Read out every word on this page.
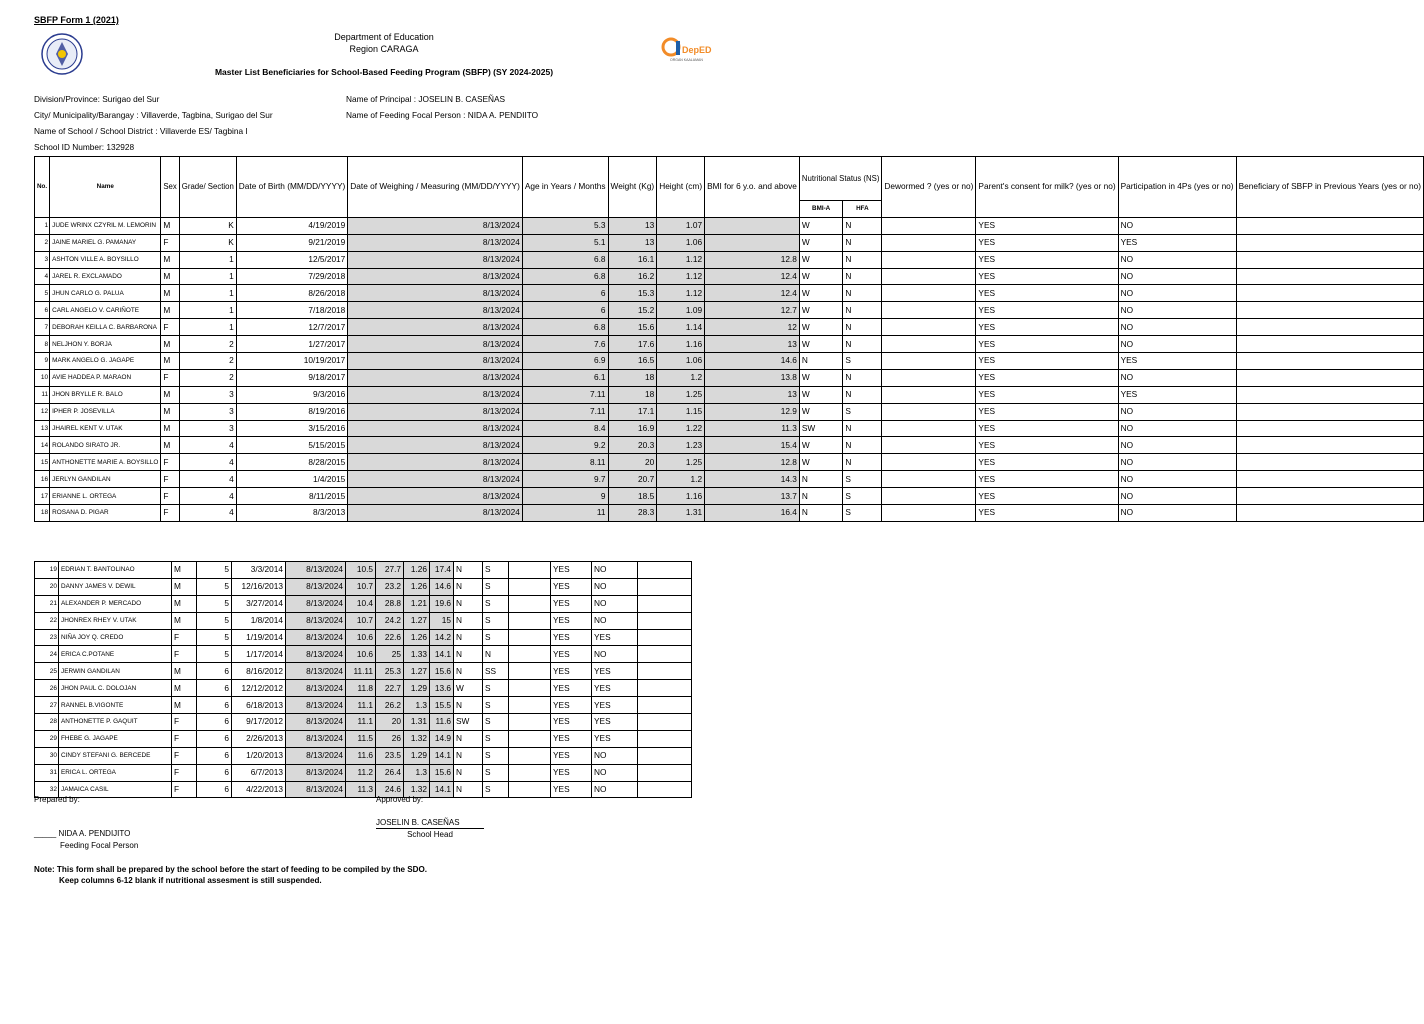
SBFP Form 1 (2021)
Department of Education
Region CARAGA	DepED
ORGAN KAALAMAN
Master List Beneficiaries for School-Based Feeding Program (SBFP) (SY 2024-2025)
Division/Province: Surigao del Sur
City/ Municipality/Barangay : Villaverde, Tagbina, Surigao del Sur
Name of School / School District : Villaverde ES/ Tagbina I
School ID Number: 132928
Name of Principal : JOSELIN B. CASEÑAS
Name of Feeding Focal Person : NIDA A. PENDIITO
No.	Name	Sex	Grade/ Section	Date of Birth (MM/DD/YYYY)	Date of Weighing / Measuring (MM/DD/YYYY)	Age in Years / Months	Weight (Kg)	Height (cm)	BMI for 6 y.o. and above	Nutritional Status (NS)		Dewormed ? (yes or no)	Parent's consent for milk? (yes or no)	Participation in 4Ps (yes or no)	Beneficiary of SBFP in Previous Years (yes or no)
										BMI-A	HFA				
1	JUDE WRINX CZYRIL M. LEMORIN	M	K	4/19/2019	8/13/2024	5.3	13	1.07		W	N		YES	NO	
2	JAINE MARIEL G. PAMANAY	F	K	9/21/2019	8/13/2024	5.1	13	1.06		W	N		YES	YES	
3	ASHTON VILLE A. BOYSILLO	M	1	12/5/2017	8/13/2024	6.8	16.1	1.12	12.8	W	N		YES	NO	
4	JAREL R. EXCLAMADO	M	1	7/29/2018	8/13/2024	6.8	16.2	1.12	12.4	W	N		YES	NO	
5	JHUN CARLO G. PALUA	M	1	8/26/2018	8/13/2024	6	15.3	1.12	12.4	W	N		YES	NO	
6	CARL ANGELO V. CARIÑOTE	M	1	7/18/2018	8/13/2024	6	15.2	1.09	12.7	W	N		YES	NO	
7	DEBORAH KEILLA C. BARBARONA	F	1	12/7/2017	8/13/2024	6.8	15.6	1.14	12	W	N		YES	NO	
8	NELJHON Y. BORJA	M	2	1/27/2017	8/13/2024	7.6	17.6	1.16	13	W	N		YES	NO	
9	MARK ANGELO G. JAGAPE	M	2	10/19/2017	8/13/2024	6.9	16.5	1.06	14.6	N	S		YES	YES	
10	AVIE HADDEA P. MARAON	F	2	9/18/2017	8/13/2024	6.1	18	1.2	13.8	W	N		YES	NO	
11	JHON BRYLLE R. BALO	M	3	9/3/2016	8/13/2024	7.11	18	1.25	13	W	N		YES	YES	
12	IPHER P. JOSEVILLA	M	3	8/19/2016	8/13/2024	7.11	17.1	1.15	12.9	W	S		YES	NO	
13	JHAIREL KENT V. UTAK	M	3	3/15/2016	8/13/2024	8.4	16.9	1.22	11.3	SW	N		YES	NO	
14	ROLANDO SIRATO JR.	M	4	5/15/2015	8/13/2024	9.2	20.3	1.23	15.4	W	N		YES	NO	
15	ANTHONETTE MARIE A. BOYSILLO	F	4	8/28/2015	8/13/2024	8.11	20	1.25	12.8	W	N		YES	NO	
16	JERLYN GANDILAN	F	4	1/4/2015	8/13/2024	9.7	20.7	1.2	14.3	N	S		YES	NO	
17	ERIANNE L. ORTEGA	F	4	8/11/2015	8/13/2024	9	18.5	1.16	13.7	N	S		YES	NO	
18	ROSANA D. PIGAR	F	4	8/3/2013	8/13/2024	11	28.3	1.31	16.4	N	S		YES	NO	
19	EDRIAN T. BANTOLINAO	M	5	3/3/2014	8/13/2024	10.5	27.7	1.26	17.4	N	S		YES	NO	
20	DANNY JAMES V. DEWIL	M	5	12/16/2013	8/13/2024	10.7	23.2	1.26	14.6	N	S		YES	NO	
21	ALEXANDER P. MERCADO	M	5	3/27/2014	8/13/2024	10.4	28.8	1.21	19.6	N	S		YES	NO	
22	JHONREX RHEY V. UTAK	M	5	1/8/2014	8/13/2024	10.7	24.2	1.27	15	N	S		YES	NO	
23	NIÑA JOY Q. CREDO	F	5	1/19/2014	8/13/2024	10.6	22.6	1.26	14.2	N	S		YES	YES	
24	ERICA C.POTANE	F	5	1/17/2014	8/13/2024	10.6	25	1.33	14.1	N	N		YES	NO	
25	JERWIN GANDILAN	M	6	8/16/2012	8/13/2024	11.11	25.3	1.27	15.6	N	SS		YES	YES	
26	JHON PAUL C. DOLOJAN	M	6	12/12/2012	8/13/2024	11.8	22.7	1.29	13.6	W	S		YES	YES	
27	RANNEL B.VIGONTE	M	6	6/18/2013	8/13/2024	11.1	26.2	1.3	15.5	N	S		YES	YES	
28	ANTHONETTE P. GAQUIT	F	6	9/17/2012	8/13/2024	11.1	20	1.31	11.6	SW	S		YES	YES	
29	FHEBE G. JAGAPE	F	6	2/26/2013	8/13/2024	11.5	26	1.32	14.9	N	S		YES	YES	
30	CINDY STEFANI G. BERCEDE	F	6	1/20/2013	8/13/2024	11.6	23.5	1.29	14.1	N	S		YES	NO	
31	ERICA L. ORTEGA	F	6	6/7/2013	8/13/2024	11.2	26.4	1.3	15.6	N	S		YES	NO	
32	JAMAICA CASIL	F	6	4/22/2013	8/13/2024	11.3	24.6	1.32	14.1	N	S		YES	NO	
Prepared by:	Approved by:
_____ NIDA A. PENDIJITO
Feeding Focal Person
JOSELIN B. CASEÑAS
School Head
Note: This form shall be prepared by the school before the start of feeding to be compiled by the SDO.
Keep columns 6-12 blank if nutritional assesment is still suspended.
